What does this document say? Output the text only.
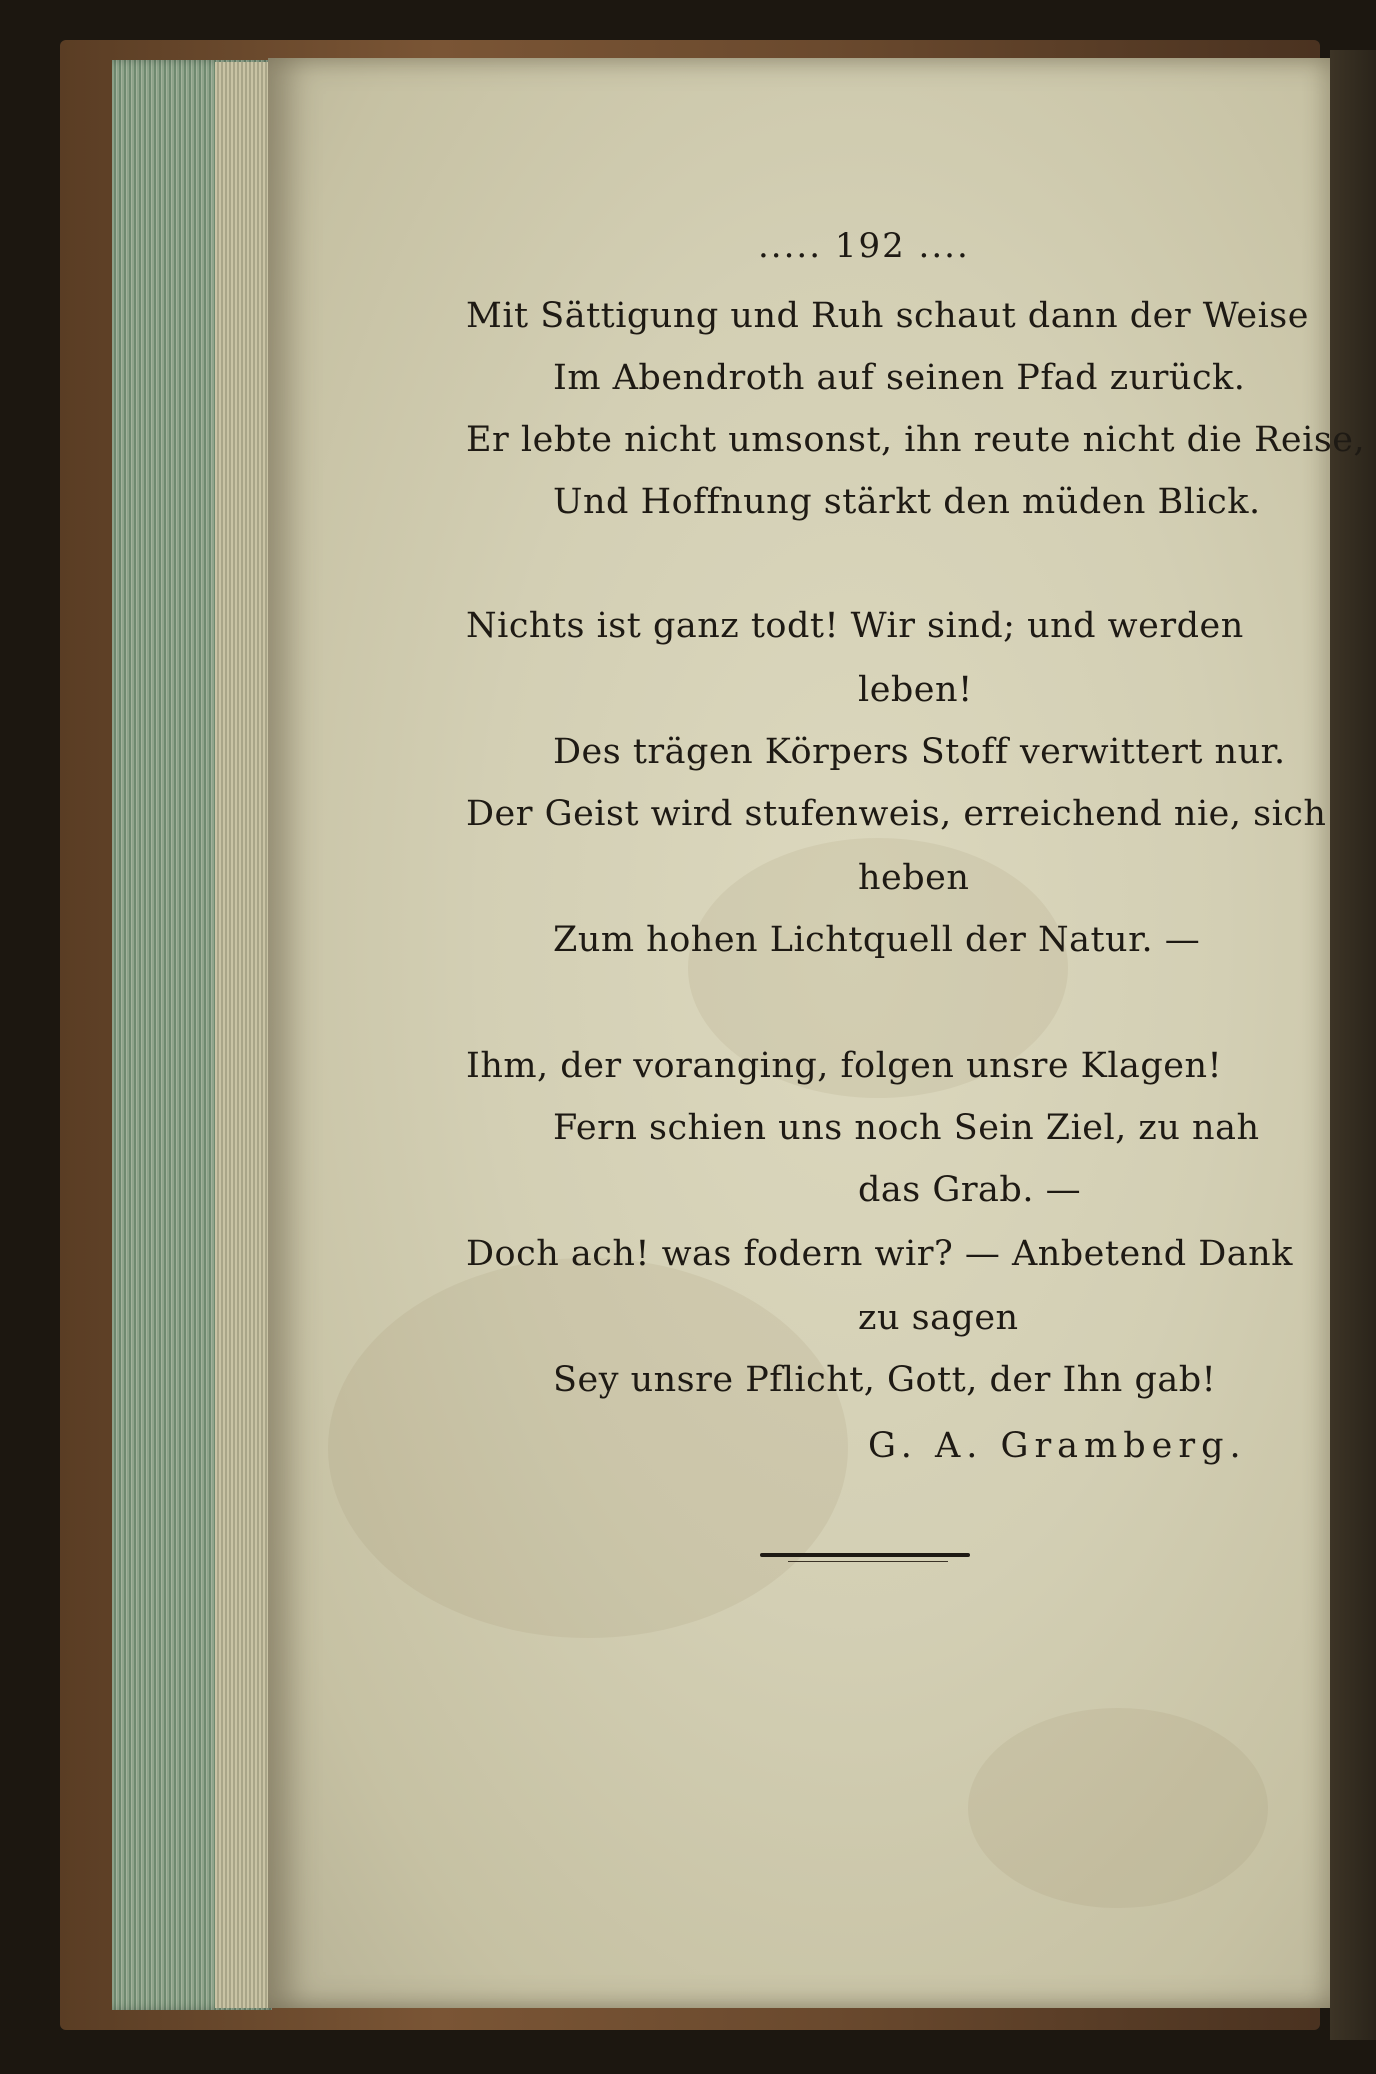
..... 192 ....
Mit Sättigung und Ruh schaut dann der Weise
Im Abendroth auf seinen Pfad zurück.
Er lebte nicht umsonst, ihn reute nicht die Reise,
Und Hoffnung stärkt den müden Blick.
Nichts ist ganz todt! Wir sind; und werden
leben!
Des trägen Körpers Stoff verwittert nur.
Der Geist wird stufenweis, erreichend nie, sich
heben
Zum hohen Lichtquell der Natur. —
Ihm, der voranging, folgen unsre Klagen!
Fern schien uns noch Sein Ziel, zu nah
das Grab. —
Doch ach! was fodern wir? — Anbetend Dank
zu sagen
Sey unsre Pflicht, Gott, der Ihn gab!
G. A. Gramberg.
